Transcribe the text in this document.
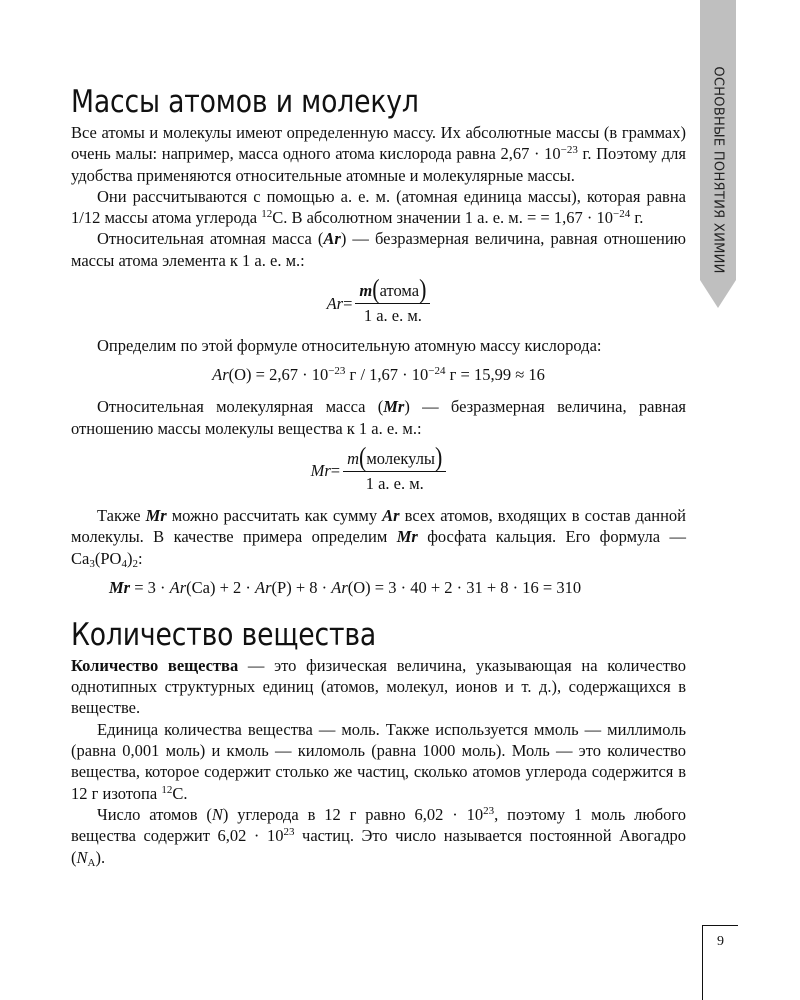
ОСНОВНЫЕ ПОНЯТИЯ ХИМИИ
Массы атомов и молекул

Все атомы и молекулы имеют определенную массу. Их абсолютные массы (в граммах) очень малы: например, масса одного атома кислорода равна $2,67 \cdot 10^{-23}$ г. Поэтому для удобства применяются относительные атомные и молекулярные массы.

Они рассчитываются с помощью а. е. м. (атомная единица массы), которая равна 1/12 массы атома углерода $^{12}$С. В абсолютном значении 1 а. е. м. = = $1,67 \cdot 10^{-24}$ г.

Относительная атомная масса (Ar) — безразмерная величина, равная отношению массы атома элемента к 1 а. е. м.:

$Ar = \frac{\text{m(атома)}}{1 а. е. м.}$

Определим по этой формуле относительную атомную массу кислорода:

$Ar(O) = 2,67 \cdot 10^{-23}$ $г / 1,67 \cdot 10^{-24}$ г = 15,99 ≈ 16

Относительная молекулярная масса (Mr) — безразмерная величина, равная отношению массы молекулы вещества к 1 а. е. м.:

$Mr = \frac{\text{m(молекулы)}}{1 а. е. м.}$

Также Mr можно рассчитать как сумму Ar всех атомов, входящих в состав данной молекулы. В качестве примера определим Mr фосфата кальция. Его формула — $Ca_3(PO_4)_2$:

Mr = 3 · Ar(Ca) + 2 · Ar(P) + 8 · Ar(O) = 3 · 40 + 2 · 31 + 8 · 16 = 310
Количество вещества

Количество вещества — это физическая величина, указывающая на количество однотипных структурных единиц (атомов, молекул, ионов и т. д.), содержащихся в веществе.

Единица количества вещества — моль. Также используется ммоль — миллимоль (равна 0,001 моль) и кмоль — киломоль (равна 1000 моль). Моль — это количество вещества, которое содержит столько же частиц, сколько атомов углерода содержится в 12 г изотопа $^{12}$C.

Число атомов (N) углерода в 12 г равно $6,02 \cdot 10^{23}$, поэтому 1 моль любого вещества содержит $6,02 \cdot 10^{23}$ частиц. Это число называется постоянной Авогадро $(N_A)$.

9
